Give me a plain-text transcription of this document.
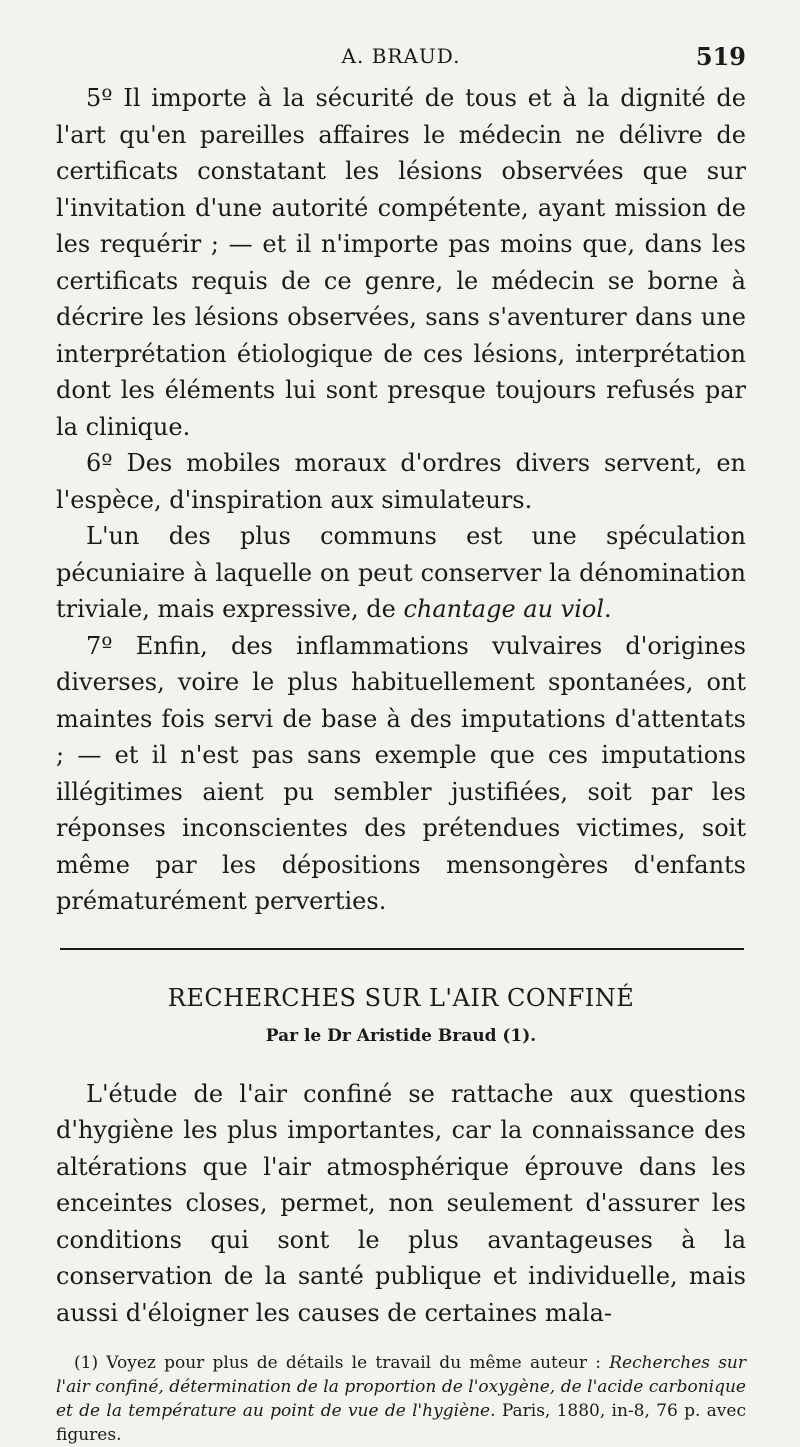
A. BRAUD.	519

5º Il importe à la sécurité de tous et à la dignité de l'art qu'en pareilles affaires le médecin ne délivre de certificats constatant les lésions observées que sur l'invitation d'une autorité compétente, ayant mission de les requérir ; — et il n'importe pas moins que, dans les certificats requis de ce genre, le médecin se borne à décrire les lésions observées, sans s'aventurer dans une interprétation étiologique de ces lésions, interprétation dont les éléments lui sont presque toujours refusés par la clinique.

6º Des mobiles moraux d'ordres divers servent, en l'espèce, d'inspiration aux simulateurs.

L'un des plus communs est une spéculation pécuniaire à laquelle on peut conserver la dénomination triviale, mais expressive, de chantage au viol.

7º Enfin, des inflammations vulvaires d'origines diverses, voire le plus habituellement spontanées, ont maintes fois servi de base à des imputations d'attentats ; — et il n'est pas sans exemple que ces imputations illégitimes aient pu sembler justifiées, soit par les réponses inconscientes des prétendues victimes, soit même par les dépositions mensongères d'enfants prématurément perverties.

RECHERCHES SUR L'AIR CONFINÉ
Par le Dr Aristide Braud (1).

L'étude de l'air confiné se rattache aux questions d'hygiène les plus importantes, car la connaissance des altérations que l'air atmosphérique éprouve dans les enceintes closes, permet, non seulement d'assurer les conditions qui sont le plus avantageuses à la conservation de la santé publique et individuelle, mais aussi d'éloigner les causes de certaines mala-

(1) Voyez pour plus de détails le travail du même auteur : Recherches sur l'air confiné, détermination de la proportion de l'oxygène, de l'acide carbonique et de la température au point de vue de l'hygiène. Paris, 1880, in-8, 76 p. avec figures.
